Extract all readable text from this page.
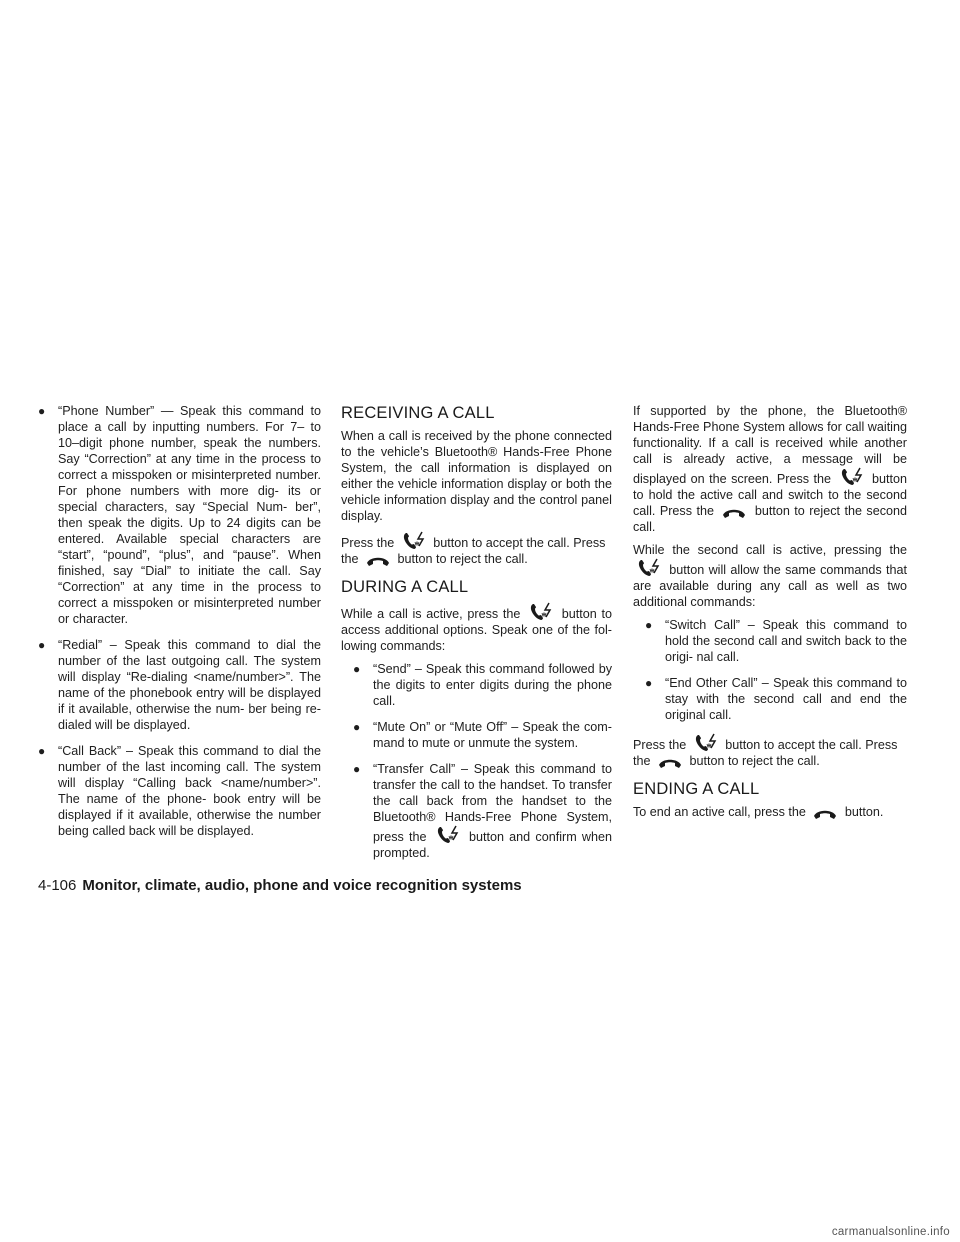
● “Phone Number” — Speak this command to place a call by inputting numbers. For 7– to 10–digit phone number, speak the numbers. Say “Correction” at any time in the process to correct a misspoken or misinterpreted number. For phone numbers with more dig- its or special characters, say “Special Num- ber”, then speak the digits. Up to 24 digits can be entered. Available special characters are “start”, “pound”, “plus”, and “pause”. When finished, say “Dial” to initiate the call. Say “Correction” at any time in the process to correct a misspoken or misinterpreted number or character.
● “Redial” – Speak this command to dial the number of the last outgoing call. The system will display “Re-dialing <name/number>”. The name of the phonebook entry will be displayed if it available, otherwise the num- ber being re-dialed will be displayed.
● “Call Back” – Speak this command to dial the number of the last incoming call. The system will display “Calling back <name/number>”. The name of the phone- book entry will be displayed if it available, otherwise the number being called back will be displayed.
RECEIVING A CALL

When a call is received by the phone connected to the vehicle’s Bluetooth® Hands-Free Phone System, the call information is displayed on either the vehicle information display or both the vehicle information display and the control panel display.

Press the	button to accept the call. Press the	button to reject the call.

DURING A CALL

While a call is active, press the	button to access additional options. Speak one of the fol- lowing commands:

● “Send” – Speak this command followed by the digits to enter digits during the phone call.
● “Mute On” or “Mute Off” – Speak the com- mand to mute or unmute the system.
● “Transfer Call” – Speak this command to transfer the call to the handset. To transfer the call back from the handset to the Bluetooth® Hands-Free Phone System, press the	button and confirm when prompted.

If supported by the phone, the Bluetooth® Hands-Free Phone System allows for call waiting functionality. If a call is received while another call is already active, a message will be displayed on the screen. Press the	button to hold the active call and switch to the second call. Press the	button to reject the second call.

While the second call is active, pressing the
button will allow the same commands that are available during any call as well as two additional commands:

● “Switch Call” – Speak this command to hold the second call and switch back to the origi- nal call.
● “End Other Call” – Speak this command to stay with the second call and end the original call.

Press the	button to accept the call. Press the	button to reject the call.

ENDING A CALL

To end an active call, press the	button.

4-106 Monitor, climate, audio, phone and voice recognition systems
carmanualsonline.info
